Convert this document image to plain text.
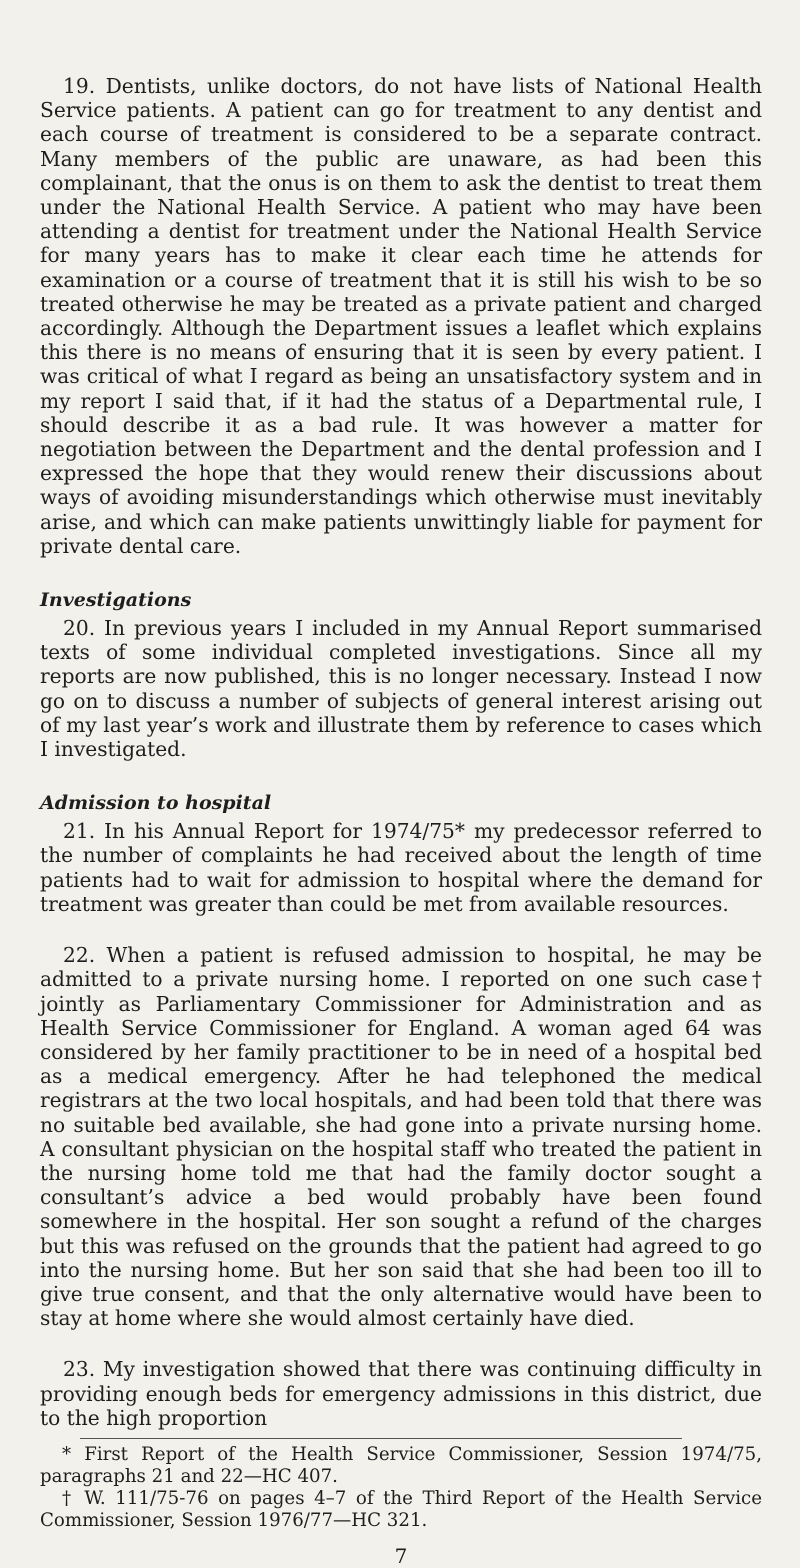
19. Dentists, unlike doctors, do not have lists of National Health Service patients. A patient can go for treatment to any dentist and each course of treatment is considered to be a separate contract. Many members of the public are unaware, as had been this complainant, that the onus is on them to ask the dentist to treat them under the National Health Service. A patient who may have been attending a dentist for treatment under the National Health Service for many years has to make it clear each time he attends for examination or a course of treatment that it is still his wish to be so treated otherwise he may be treated as a private patient and charged accordingly. Although the Department issues a leaflet which explains this there is no means of ensuring that it is seen by every patient. I was critical of what I regard as being an unsatisfactory system and in my report I said that, if it had the status of a Departmental rule, I should describe it as a bad rule. It was however a matter for negotiation between the Department and the dental profession and I expressed the hope that they would renew their discussions about ways of avoiding misunderstandings which otherwise must inevitably arise, and which can make patients unwittingly liable for payment for private dental care.

Investigations

20. In previous years I included in my Annual Report summarised texts of some individual completed investigations. Since all my reports are now published, this is no longer necessary. Instead I now go on to discuss a number of subjects of general interest arising out of my last year’s work and illustrate them by reference to cases which I investigated.

Admission to hospital

21. In his Annual Report for 1974/75* my predecessor referred to the number of complaints he had received about the length of time patients had to wait for admission to hospital where the demand for treatment was greater than could be met from available resources.

22. When a patient is refused admission to hospital, he may be admitted to a private nursing home. I reported on one such case† jointly as Parliamentary Commissioner for Administration and as Health Service Commissioner for England. A woman aged 64 was considered by her family practitioner to be in need of a hospital bed as a medical emergency. After he had telephoned the medical registrars at the two local hospitals, and had been told that there was no suitable bed available, she had gone into a private nursing home. A consultant physician on the hospital staff who treated the patient in the nursing home told me that had the family doctor sought a consultant’s advice a bed would probably have been found somewhere in the hospital. Her son sought a refund of the charges but this was refused on the grounds that the patient had agreed to go into the nursing home. But her son said that she had been too ill to give true consent, and that the only alternative would have been to stay at home where she would almost certainly have died.

23. My investigation showed that there was continuing difficulty in providing enough beds for emergency admissions in this district, due to the high proportion

* First Report of the Health Service Commissioner, Session 1974/75, paragraphs 21 and 22—HC 407.

† W. 111/75-76 on pages 4–7 of the Third Report of the Health Service Commissioner, Session 1976/77—HC 321.

7
